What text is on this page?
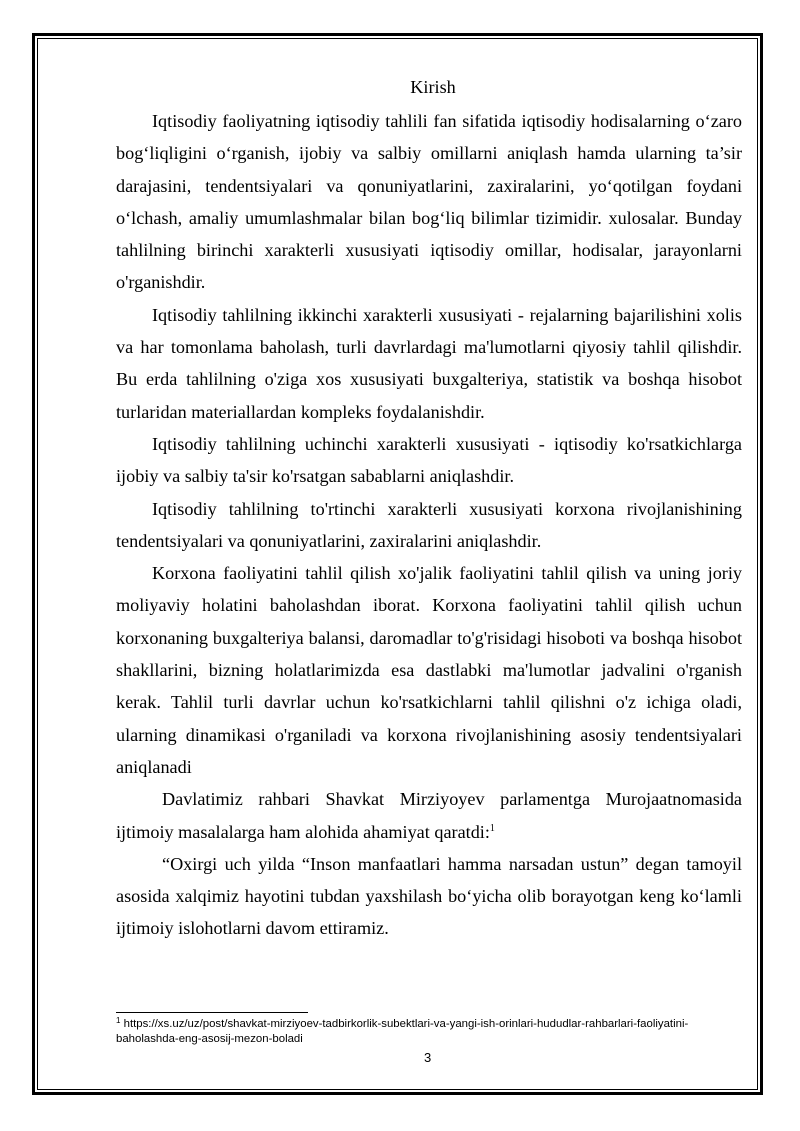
Kirish

Iqtisodiy faoliyatning iqtisodiy tahlili fan sifatida iqtisodiy hodisalarning o‘zaro bog‘liqligini o‘rganish, ijobiy va salbiy omillarni aniqlash hamda ularning ta’sir darajasini, tendentsiyalari va qonuniyatlarini, zaxiralarini, yo‘qotilgan foydani o‘lchash, amaliy umumlashmalar bilan bog‘liq bilimlar tizimidir. xulosalar. Bunday tahlilning birinchi xarakterli xususiyati iqtisodiy omillar, hodisalar, jarayonlarni o'rganishdir.

Iqtisodiy tahlilning ikkinchi xarakterli xususiyati - rejalarning bajarilishini xolis va har tomonlama baholash, turli davrlardagi ma'lumotlarni qiyosiy tahlil qilishdir. Bu erda tahlilning o'ziga xos xususiyati buxgalteriya, statistik va boshqa hisobot turlaridan materiallardan kompleks foydalanishdir.

Iqtisodiy tahlilning uchinchi xarakterli xususiyati - iqtisodiy ko'rsatkichlarga ijobiy va salbiy ta'sir ko'rsatgan sabablarni aniqlashdir.

Iqtisodiy tahlilning to'rtinchi xarakterli xususiyati korxona rivojlanishining tendentsiyalari va qonuniyatlarini, zaxiralarini aniqlashdir.

Korxona faoliyatini tahlil qilish xo'jalik faoliyatini tahlil qilish va uning joriy moliyaviy holatini baholashdan iborat. Korxona faoliyatini tahlil qilish uchun korxonaning buxgalteriya balansi, daromadlar to'g'risidagi hisoboti va boshqa hisobot shakllarini, bizning holatlarimizda esa dastlabki ma'lumotlar jadvalini o'rganish kerak. Tahlil turli davrlar uchun ko'rsatkichlarni tahlil qilishni o'z ichiga oladi, ularning dinamikasi o'rganiladi va korxona rivojlanishining asosiy tendentsiyalari aniqlanadi

Davlatimiz rahbari Shavkat Mirziyoyev parlamentga Murojaatnomasida ijtimoiy masalalarga ham alohida ahamiyat qaratdi:$^1$

“Oxirgi uch yilda “Inson manfaatlari hamma narsadan ustun” degan tamoyil asosida xalqimiz hayotini tubdan yaxshilash bo‘yicha olib borayotgan keng ko‘lamli ijtimoiy islohotlarni davom ettiramiz.

$^1$ https://xs.uz/uz/post/shavkat-mirziyoev-tadbirkorlik-subektlari-va-yangi-ish-orinlari-hududlar-rahbarlari-faoliyatini-baholashda-eng-asosij-mezon-boladi

3
